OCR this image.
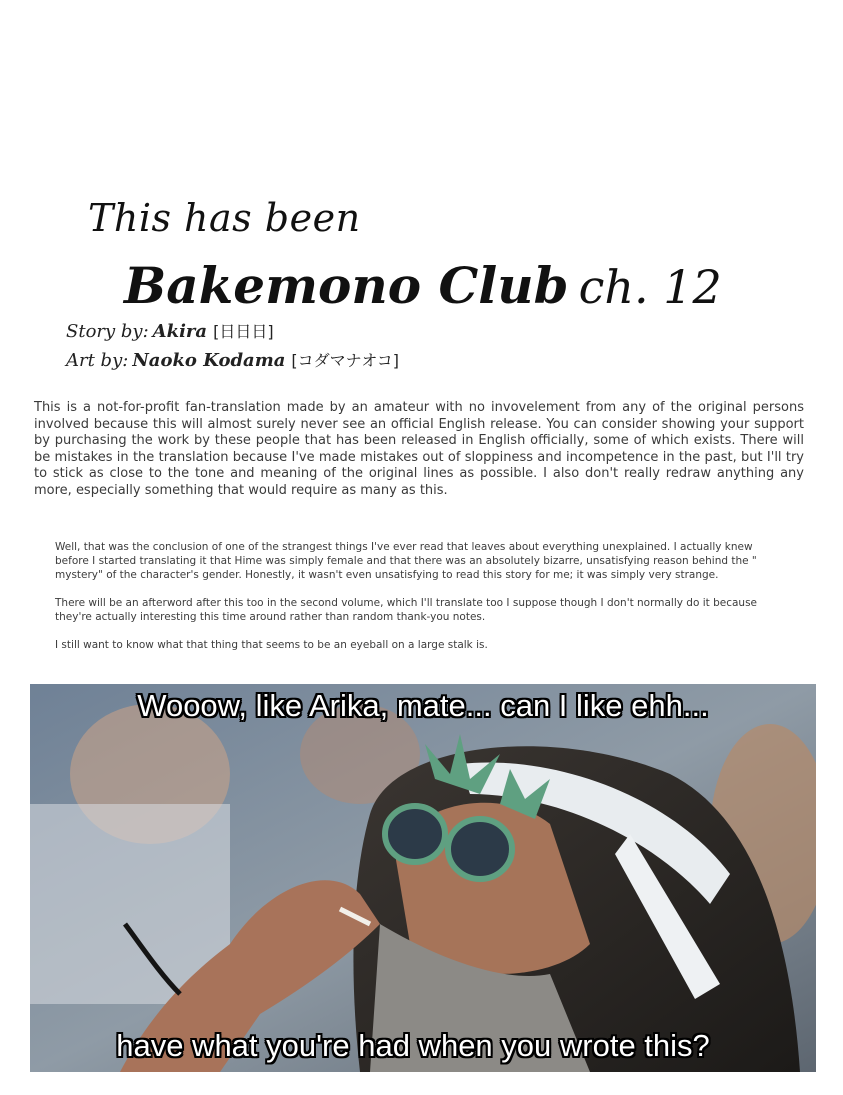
This has been
Bakemono Club ch. 12
Story by: Akira [日日日]
Art by: Naoko Kodama [コダマナオコ]

This is a not-for-profit fan-translation made by an amateur with no invovelement from any of the original persons involved because this will almost surely never see an official English release. You can consider showing your support by purchasing the work by these people that has been released in English officially, some of which exists. There will be mistakes in the translation because I've made mistakes out of sloppiness and incompetence in the past, but I'll try to stick as close to the tone and meaning of the original lines as possible. I also don't really redraw anything any more, especially something that would require as many as this.

Well, that was the conclusion of one of the strangest things I've ever read that leaves about everything unexplained. I actually knew before I started translating it that Hime was simply female and that there was an absolutely bizarre, unsatisfying reason behind the " mystery" of the character's gender. Honestly, it wasn't even unsatisfying to read this story for me; it was simply very strange.

There will be an afterword after this too in the second volume, which I'll translate too I suppose though I don't normally do it because they're actually interesting this time around rather than random thank-you notes.

I still want to know what that thing that seems to be an eyeball on a large stalk is.

Wooow, like Arika, mate... can I like ehh...
have what you're had when you wrote this?
